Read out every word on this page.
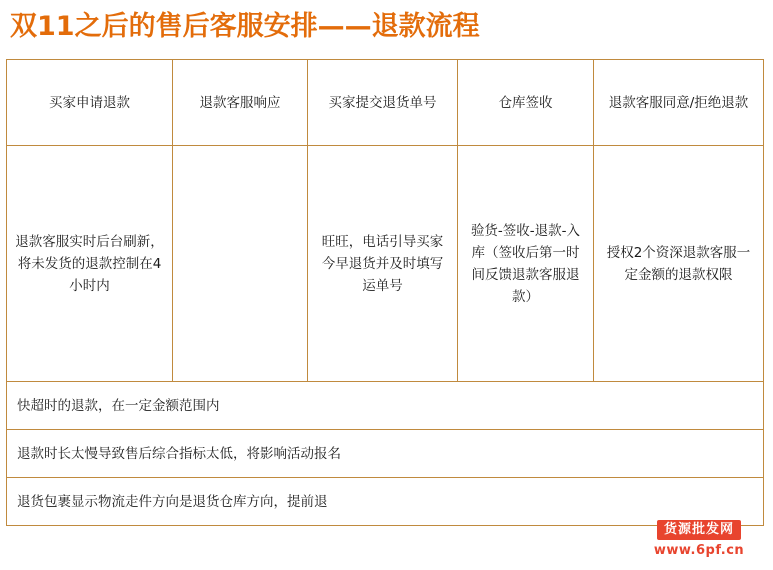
双11之后的售后客服安排——退款流程
买家申请退款	退款客服响应	买家提交退货单号	仓库签收	退款客服同意/拒绝退款

退款客服实时后台刷新，将未发货的退款控制在4小时内		旺旺，电话引导买家今早退货并及时填写运单号	验货-签收-退款-入库（签收后第一时间反馈退款客服退款）	授权2个资深退款客服一定金额的退款权限

快超时的退款，在一定金额范围内				

退款时长太慢导致售后综合指标太低，将影响活动报名				

退货包裹显示物流走件方向是退货仓库方向，提前退				
货源批发网
www.6pf.cn
